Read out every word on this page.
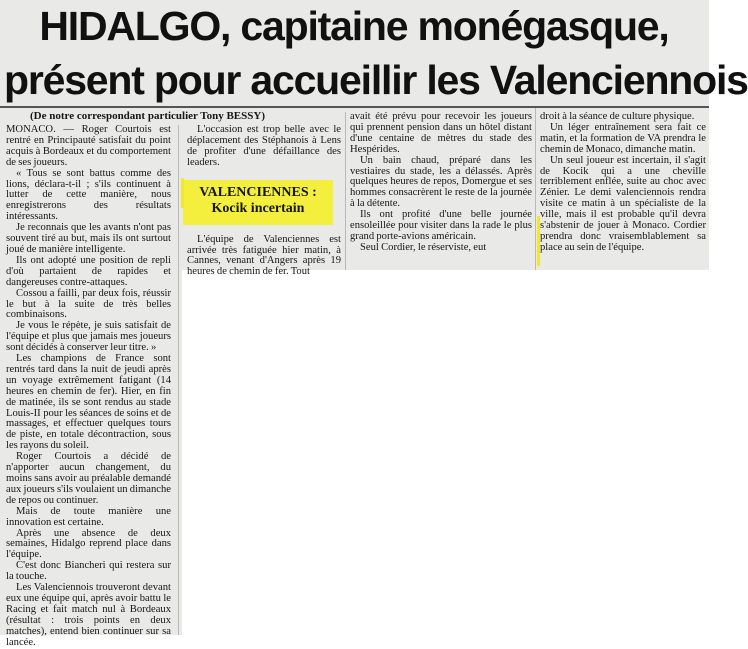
HIDALGO, capitaine monégasque,
présent pour accueillir les Valenciennois
(De notre correspondant particulier Tony BESSY)

MONACO. — Roger Courtois est rentré en Principauté satisfait du point acquis à Bordeaux et du comportement de ses joueurs.

« Tous se sont battus comme des lions, déclara-t-il ; s'ils continuent à lutter de cette manière, nous enregistrerons des résultats intéressants.

Je reconnais que les avants n'ont pas souvent tiré au but, mais ils ont surtout joué de manière intelligente.

Ils ont adopté une position de repli d'où partaient de rapides et dangereuses contre-attaques.

Cossou a failli, par deux fois, réussir le but à la suite de très belles combinaisons.

Je vous le répète, je suis satisfait de l'équipe et plus que jamais mes joueurs sont décidés à conserver leur titre. »

Les champions de France sont rentrés tard dans la nuit de jeudi après un voyage extrêmement fatigant (14 heures en chemin de fer). Hier, en fin de matinée, ils se sont rendus au stade Louis-II pour les séances de soins et de massages, et effectuer quelques tours de piste, en totale décontraction, sous les rayons du soleil.

Roger Courtois a décidé de n'apporter aucun changement, du moins sans avoir au préalable demandé aux joueurs s'ils voulaient un dimanche de repos ou continuer.

Mais de toute manière une innovation est certaine.

Après une absence de deux semaines, Hidalgo reprend place dans l'équipe.

C'est donc Biancheri qui restera sur la touche.

Les Valenciennois trouveront devant eux une équipe qui, après avoir battu le Racing et fait match nul à Bordeaux (résultat : trois points en deux matches), entend bien continuer sur sa lancée.

L'occasion est trop belle avec le déplacement des Stéphanois à Lens de profiter d'une défaillance des leaders.

L'équipe de Valenciennes est arrivée très fatiguée hier matin, à Cannes, venant d'Angers après 19 heures de chemin de fer. Tout

VALENCIENNES :
Kocik incertain

avait été prévu pour recevoir les joueurs qui prennent pension dans un hôtel distant d'une centaine de mètres du stade des Hespérides.

Un bain chaud, préparé dans les vestiaires du stade, les a délassés. Après quelques heures de repos, Domergue et ses hommes consacrèrent le reste de la journée à la détente.

Ils ont profité d'une belle journée ensoleillée pour visiter dans la rade le plus grand porte-avions américain.

Seul Cordier, le réserviste, eut

droit à la séance de culture physique.

Un léger entraînement sera fait ce matin, et la formation de VA prendra le chemin de Monaco, dimanche matin.

Un seul joueur est incertain, il s'agit de Kocik qui a une cheville terriblement enflée, suite au choc avec Zénier. Le demi valenciennois rendra visite ce matin à un spécialiste de la ville, mais il est probable qu'il devra s'abstenir de jouer à Monaco. Cordier prendra donc vraisemblablement sa place au sein de l'équipe.
